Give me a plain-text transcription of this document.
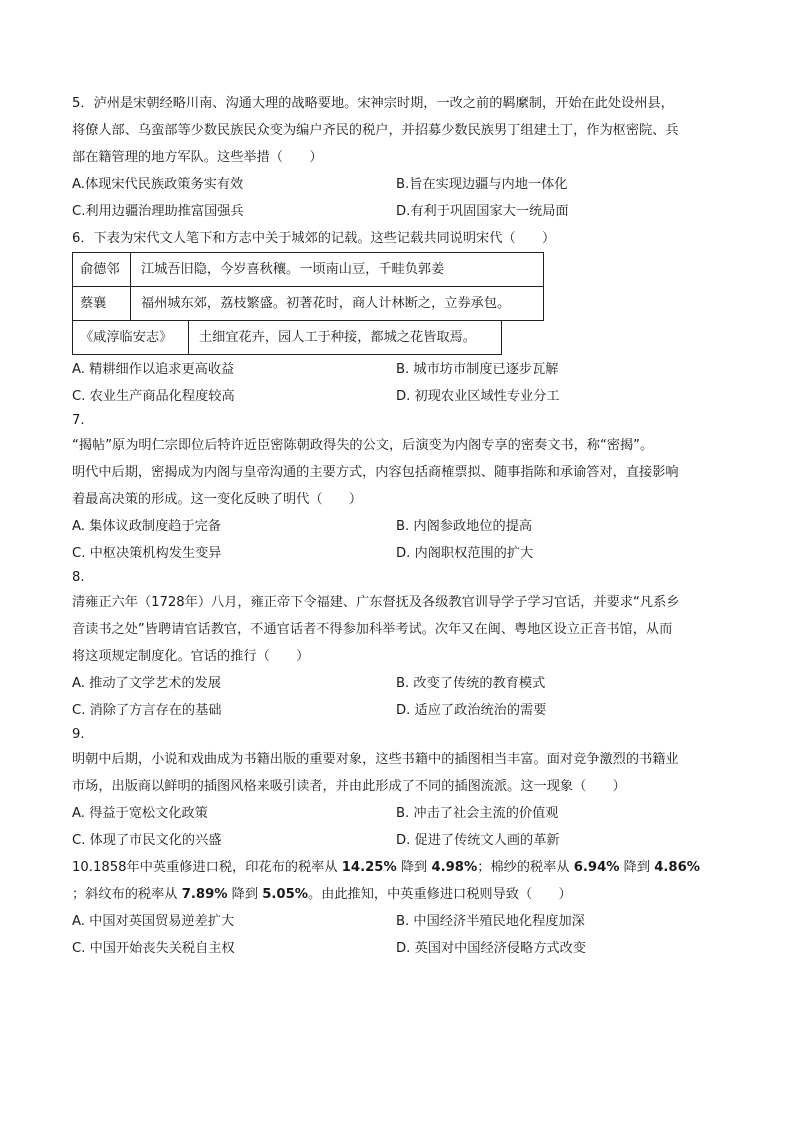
5．泸州是宋朝经略川南、沟通大理的战略要地。宋神宗时期，一改之前的羁縻制，开始在此处设州县，

将僚人部、乌蛮部等少数民族民众变为编户齐民的税户，并招募少数民族男丁组建土丁，作为枢密院、兵

部在籍管理的地方军队。这些举措（　　）

A.体现宋代民族政策务实有效	B.旨在实现边疆与内地一体化
C.利用边疆治理助推富国强兵	D.有利于巩固国家大一统局面

6．下表为宋代文人笔下和方志中关于城郊的记载。这些记载共同说明宋代（　　）

俞德邻	江城吾旧隐，今岁喜秋穰。一顷南山豆，千畦负郭姜
蔡襄	福州城东郊，荔枝繁盛。初著花时，商人计林断之，立券承包。
《咸淳临安志》	土细宜花卉，园人工于种接，都城之花皆取焉。
A. 精耕细作以追求更高收益	B. 城市坊市制度已逐步瓦解
C. 农业生产商品化程度较高	D. 初现农业区域性专业分工

7.

“揭帖”原为明仁宗即位后特许近臣密陈朝政得失的公文，后演变为内阁专享的密奏文书，称“密揭”。

明代中后期，密揭成为内阁与皇帝沟通的主要方式，内容包括商榷票拟、随事指陈和承谕答对，直接影响

着最高决策的形成。这一变化反映了明代（　　）

A. 集体议政制度趋于完备	B. 内阁参政地位的提高
C. 中枢决策机构发生变异	D. 内阁职权范围的扩大

8.

清雍正六年（1728年）八月，雍正帝下令福建、广东督抚及各级教官训导学子学习官话，并要求“凡系乡

音读书之处”皆聘请官话教官，不通官话者不得参加科举考试。次年又在闽、粤地区设立正音书馆，从而

将这项规定制度化。官话的推行（　　）

A. 推动了文学艺术的发展	B. 改变了传统的教育模式
C. 消除了方言存在的基础	D. 适应了政治统治的需要

9.

明朝中后期，小说和戏曲成为书籍出版的重要对象，这些书籍中的插图相当丰富。面对竞争激烈的书籍业

市场，出版商以鲜明的插图风格来吸引读者，并由此形成了不同的插图流派。这一现象（　　）

A. 得益于宽松文化政策	B. 冲击了社会主流的价值观
C. 体现了市民文化的兴盛	D. 促进了传统文人画的革新

10.1858年中英重修进口税，印花布的税率从 14.25% 降到 4.98%；棉纱的税率从 6.94% 降到 4.86%

；斜纹布的税率从 7.89% 降到 5.05%。由此推知，中英重修进口税则导致（　　）

A. 中国对英国贸易逆差扩大	B. 中国经济半殖民地化程度加深
C. 中国开始丧失关税自主权	D. 英国对中国经济侵略方式改变
